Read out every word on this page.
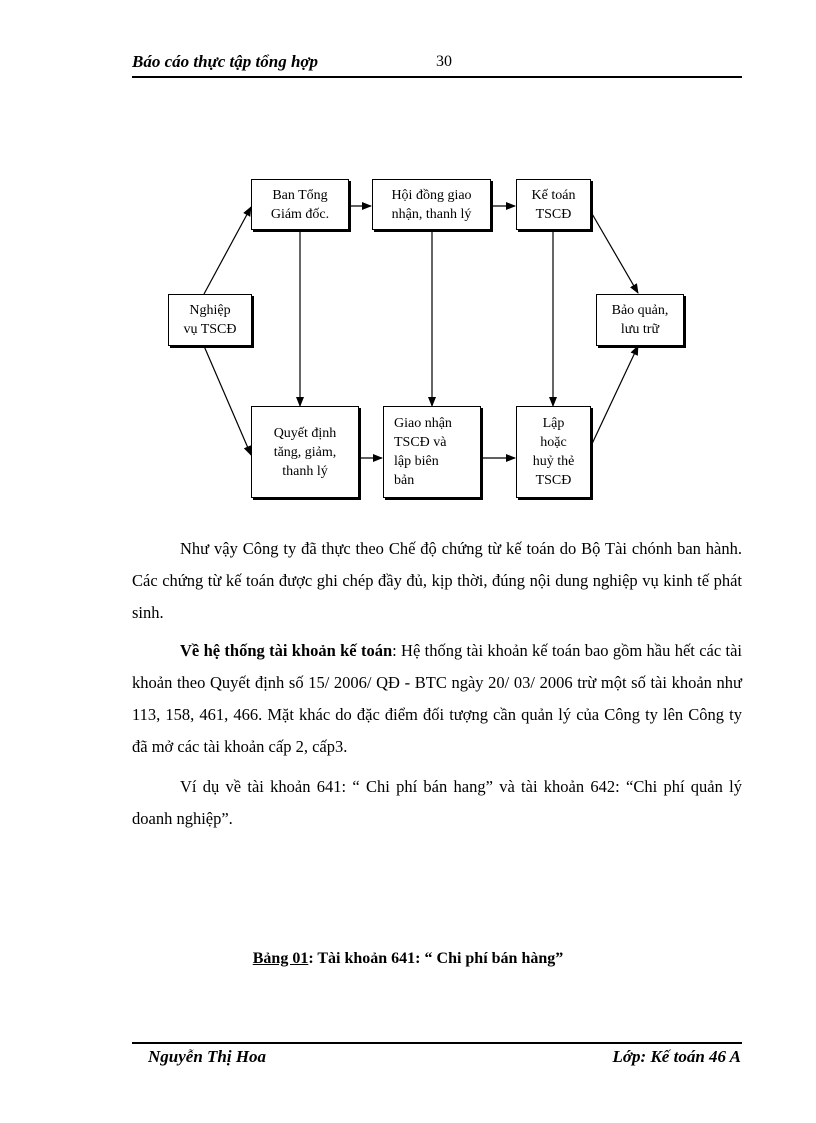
Báo cáo thực tập tổng hợp	30
Nghiệp
vụ TSCĐ
Ban Tổng
Giám đốc.
Hội đồng giao
nhận, thanh lý
Kế toán
TSCĐ
Bảo quản,
lưu trữ
Quyết định
tăng, giảm,
thanh lý
Giao nhận
TSCĐ và
lập biên
bản
Lập
hoặc
huỷ thẻ
TSCĐ
Như vậy Công ty đã thực theo Chế độ chứng từ kế toán do Bộ Tài chónh ban hành. Các chứng từ kế toán được ghi chép đầy đủ, kịp thời, đúng nội dung nghiệp vụ kinh tế phát sinh.
Về hệ thống tài khoản kế toán: Hệ thống tài khoản kế toán bao gồm hầu hết các tài khoản theo Quyết định số 15/ 2006/ QĐ - BTC ngày 20/ 03/ 2006 trừ một số tài khoản như 113, 158, 461, 466. Mặt khác do đặc điểm đối tượng cần quản lý của Công ty lên Công ty đã mở các tài khoản cấp 2, cấp3.
Ví dụ về tài khoản 641: “ Chi phí bán hang” và tài khoản 642: “Chi phí quản lý doanh nghiệp”.
Bảng 01: Tài khoản 641: “ Chi phí bán hàng”
Nguyễn Thị Hoa	Lớp: Kế toán 46 A
